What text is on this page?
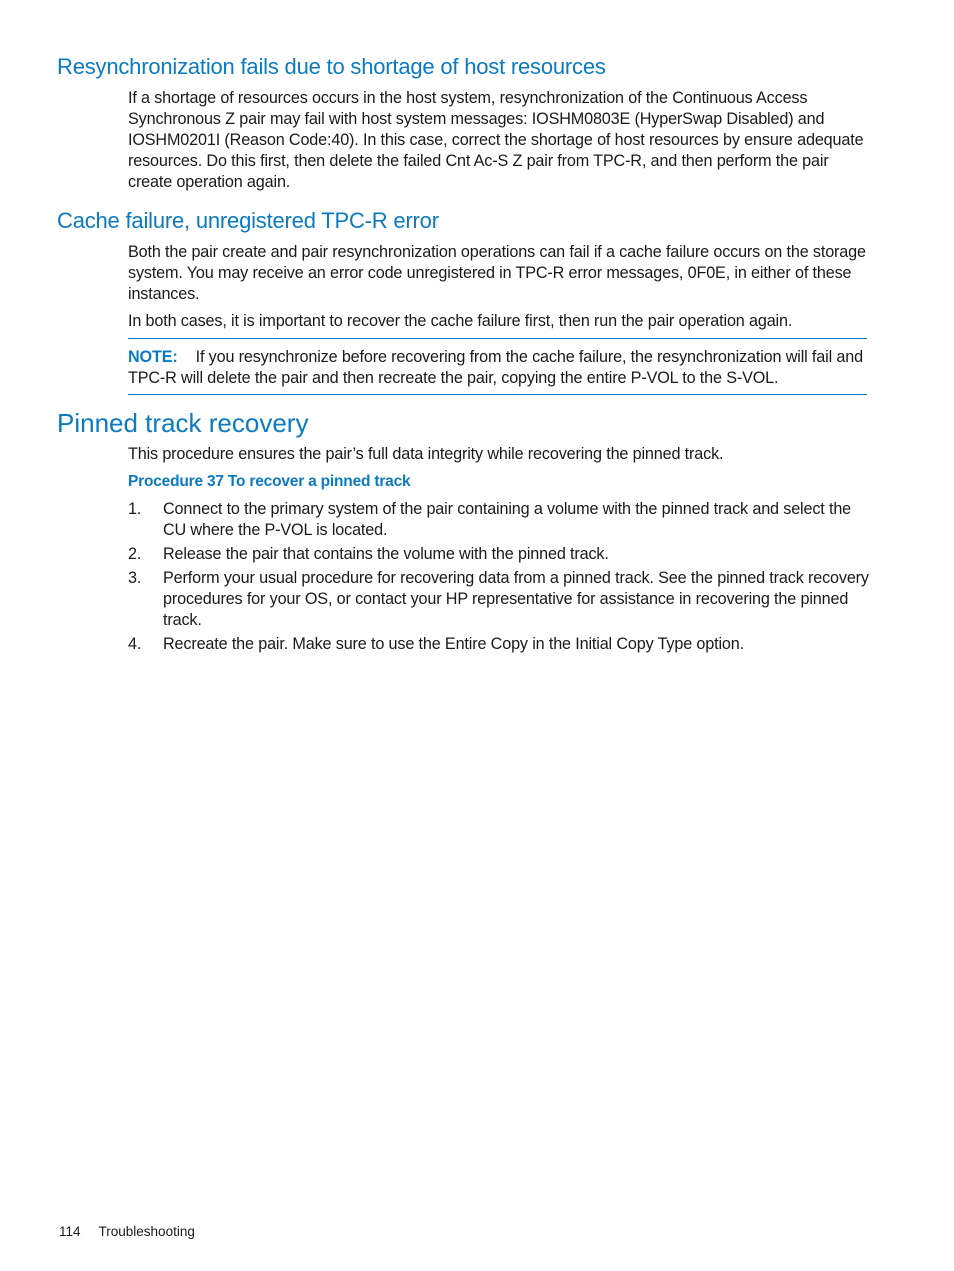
Resynchronization fails due to shortage of host resources

If a shortage of resources occurs in the host system, resynchronization of the Continuous Access Synchronous Z pair may fail with host system messages: IOSHM0803E (HyperSwap Disabled) and IOSHM0201I (Reason Code:40). In this case, correct the shortage of host resources by ensure adequate resources. Do this first, then delete the failed Cnt Ac-S Z pair from TPC-R, and then perform the pair create operation again.

Cache failure, unregistered TPC-R error

Both the pair create and pair resynchronization operations can fail if a cache failure occurs on the storage system. You may receive an error code unregistered in TPC-R error messages, 0F0E, in either of these instances.

In both cases, it is important to recover the cache failure first, then run the pair operation again.

NOTE: If you resynchronize before recovering from the cache failure, the resynchronization will fail and TPC-R will delete the pair and then recreate the pair, copying the entire P-VOL to the S-VOL.

Pinned track recovery

This procedure ensures the pair’s full data integrity while recovering the pinned track.

Procedure 37 To recover a pinned track

1. Connect to the primary system of the pair containing a volume with the pinned track and select the CU where the P-VOL is located.
2. Release the pair that contains the volume with the pinned track.
3. Perform your usual procedure for recovering data from a pinned track. See the pinned track recovery procedures for your OS, or contact your HP representative for assistance in recovering the pinned track.
4. Recreate the pair. Make sure to use the Entire Copy in the Initial Copy Type option.
114 Troubleshooting
